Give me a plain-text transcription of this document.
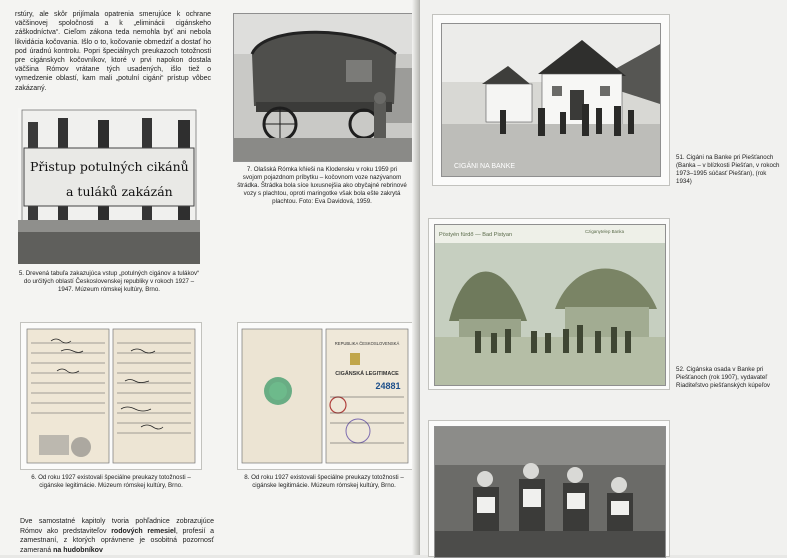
rstúry, ale skôr prijímala opatrenia smerujúce k ochrane väčšinovej spoločnosti a k „eliminácii cigánskeho záškodníctva“. Cieľom zákona teda nemohla byť ani nebola likvidácia kočovania. Išlo o to, kočovanie obmedziť a dostať ho pod úradnú kontrolu. Popri špeciálnych preukazoch totožnosti pre cigánskych kočovníkov, ktoré v prvi napokon dostala väčšina Rómov vrátane tých usadených, išlo tiež o vymedzenie oblastí, kam mali „potulní cigáni“ prístup vôbec zakázaný.
Přistup potulných cikánů
a tuláků zakázán
5. Drevená tabuľa zakazujúca vstup „potulných cigánov a tulákov“ do určitých oblastí Československej republiky v rokoch 1927 – 1947. Múzeum rómskej kultúry, Brno.
7. Olašská Rómka kňíeši na Klodensku v roku 1959 pri svojom pojazdnom príbytku – kočovnom voze nazývanom štrádka. Štrádka bola síce luxusnejšia ako obyčajné rebrinové vozy s plachtou, oproti maringotke však bola ešte zakrytá plachtou. Foto: Eva Davidová, 1959.
6. Od roku 1927 existovali špeciálne preukazy totožnosti – cigánske legitimácie. Múzeum rómskej kultúry, Brno.
REPUBLIKA ČESKOSLOVENSKÁ
CIGÁNSKÁ LEGITIMACE
24881
8. Od roku 1927 existovali špeciálne preukazy totožnosti – cigánske legitimácie. Múzeum rómskej kultúry, Brno.
Dve samostatné kapitoly tvoria pohľadnice zobrazujúce Rómov ako predstaviteľov rodových remesiel, profesií a zamestnaní, z ktorých oprávnene je osobitná pozornosť zameraná na hudobníkov
CIGÁNI NA BANKE
51. Cigáni na Banke pri Piešťanoch (Banka – v blízkosti Piešťan, v rokoch 1973–1995 súčasť Piešťan), (rok 1934)
Pöstyén fürdő — Bad Pistyan
Cziganytelep Banka
52. Cigánska osada v Banke pri Piešťanoch (rok 1907), vydavateľ Riaditeľstvo piešťanských kúpeľov
